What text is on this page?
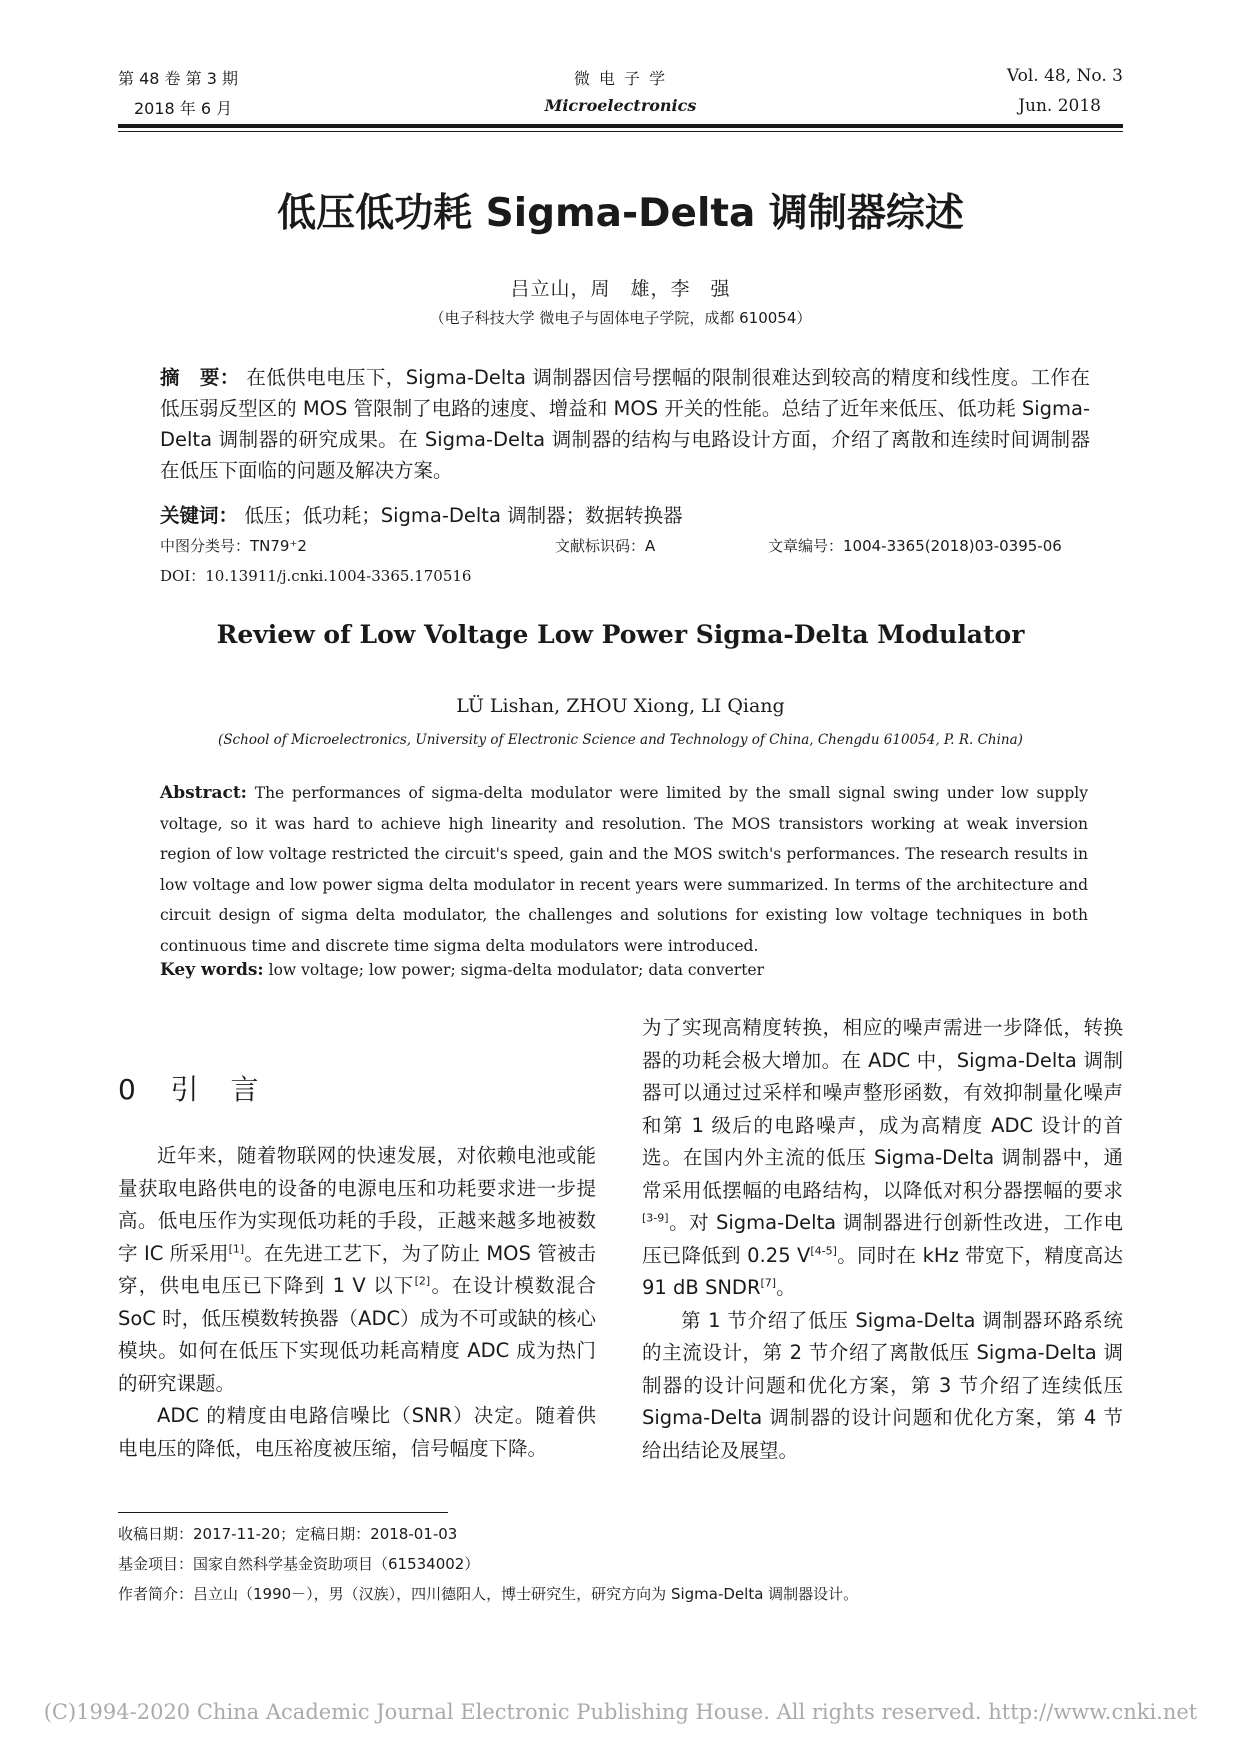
第 48 卷 第 3 期
2018 年 6 月
微 电 子 学
Microelectronics
Vol. 48, No. 3
Jun. 2018
低压低功耗 Sigma-Delta 调制器综述
吕立山，周　雄，李　强
（电子科技大学 微电子与固体电子学院，成都 610054）
摘　要： 在低供电电压下，Sigma-Delta 调制器因信号摆幅的限制很难达到较高的精度和线性度。工作在低压弱反型区的 MOS 管限制了电路的速度、增益和 MOS 开关的性能。总结了近年来低压、低功耗 Sigma-Delta 调制器的研究成果。在 Sigma-Delta 调制器的结构与电路设计方面，介绍了离散和连续时间调制器在低压下面临的问题及解决方案。
关键词： 低压；低功耗；Sigma-Delta 调制器；数据转换器
中图分类号：TN79⁺2	文献标识码：A	文章编号：1004-3365(2018)03-0395-06
DOI：10.13911/j.cnki.1004-3365.170516
Review of Low Voltage Low Power Sigma-Delta Modulator
LÜ Lishan, ZHOU Xiong, LI Qiang
(School of Microelectronics, University of Electronic Science and Technology of China, Chengdu 610054, P. R. China)
Abstract: The performances of sigma-delta modulator were limited by the small signal swing under low supply voltage, so it was hard to achieve high linearity and resolution. The MOS transistors working at weak inversion region of low voltage restricted the circuit's speed, gain and the MOS switch's performances. The research results in low voltage and low power sigma delta modulator in recent years were summarized. In terms of the architecture and circuit design of sigma delta modulator, the challenges and solutions for existing low voltage techniques in both continuous time and discrete time sigma delta modulators were introduced.
Key words: low voltage; low power; sigma-delta modulator; data converter
0 引　言

近年来，随着物联网的快速发展，对依赖电池或能量获取电路供电的设备的电源电压和功耗要求进一步提高。低电压作为实现低功耗的手段，正越来越多地被数字 IC 所采用[1]。在先进工艺下，为了防止 MOS 管被击穿，供电电压已下降到 1 V 以下[2]。在设计模数混合 SoC 时，低压模数转换器（ADC）成为不可或缺的核心模块。如何在低压下实现低功耗高精度 ADC 成为热门的研究课题。

ADC 的精度由电路信噪比（SNR）决定。随着供电电压的降低，电压裕度被压缩，信号幅度下降。

为了实现高精度转换，相应的噪声需进一步降低，转换器的功耗会极大增加。在 ADC 中，Sigma-Delta 调制器可以通过过采样和噪声整形函数，有效抑制量化噪声和第 1 级后的电路噪声，成为高精度 ADC 设计的首选。在国内外主流的低压 Sigma-Delta 调制器中，通常采用低摆幅的电路结构，以降低对积分器摆幅的要求[3-9]。对 Sigma-Delta 调制器进行创新性改进，工作电压已降低到 0.25 V[4-5]。同时在 kHz 带宽下，精度高达 91 dB SNDR[7]。

第 1 节介绍了低压 Sigma-Delta 调制器环路系统的主流设计，第 2 节介绍了离散低压 Sigma-Delta 调制器的设计问题和优化方案，第 3 节介绍了连续低压 Sigma-Delta 调制器的设计问题和优化方案，第 4 节给出结论及展望。

收稿日期：2017-11-20；定稿日期：2018-01-03
基金项目：国家自然科学基金资助项目（61534002）
作者简介：吕立山（1990－），男（汉族），四川德阳人，博士研究生，研究方向为 Sigma-Delta 调制器设计。
(C)1994-2020 China Academic Journal Electronic Publishing House. All rights reserved. http://www.cnki.net
